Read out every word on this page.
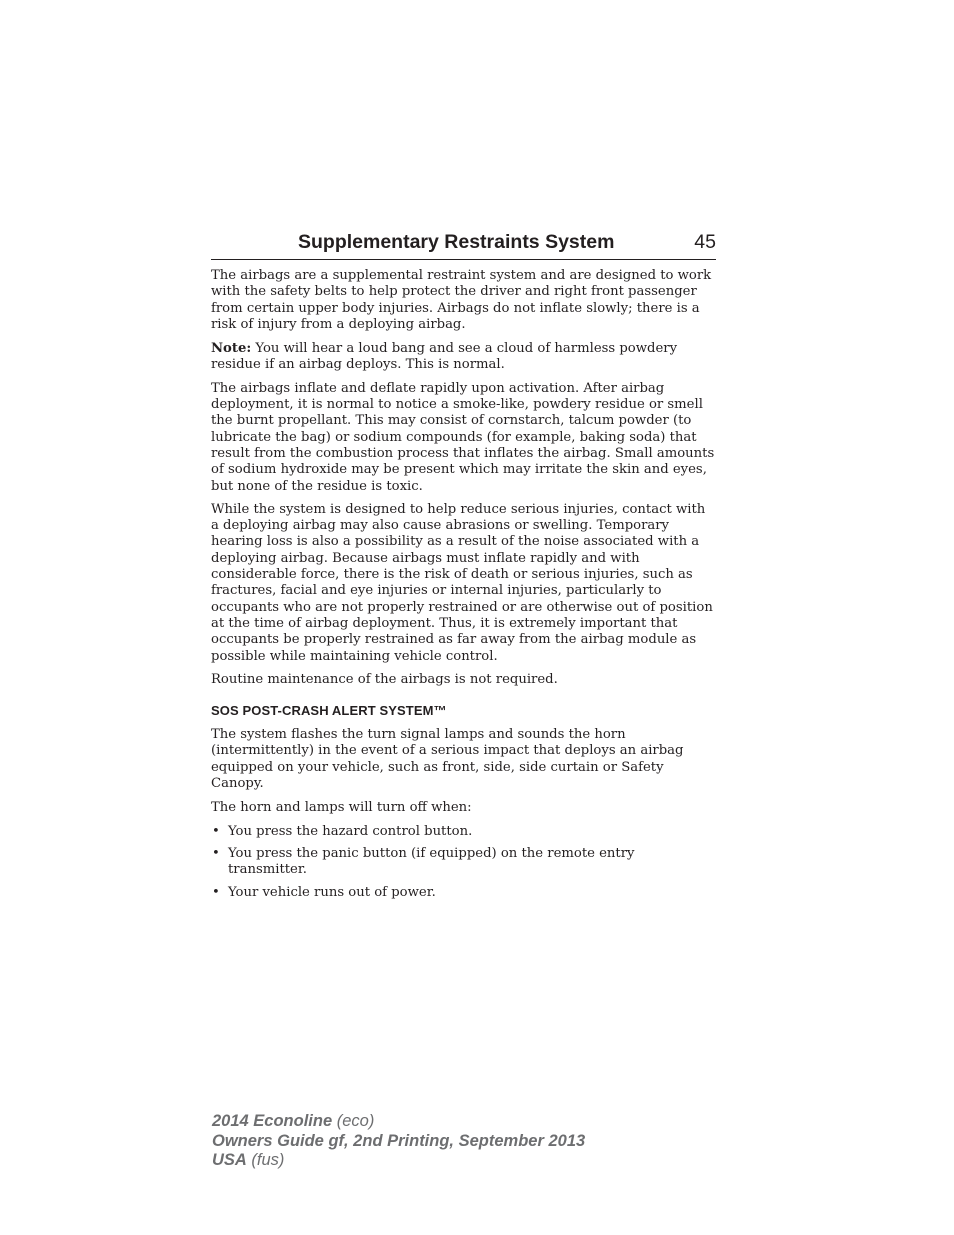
Supplementary Restraints System	45

The airbags are a supplemental restraint system and are designed to work with the safety belts to help protect the driver and right front passenger from certain upper body injuries. Airbags do not inflate slowly; there is a risk of injury from a deploying airbag.

Note: You will hear a loud bang and see a cloud of harmless powdery residue if an airbag deploys. This is normal.

The airbags inflate and deflate rapidly upon activation. After airbag deployment, it is normal to notice a smoke-like, powdery residue or smell the burnt propellant. This may consist of cornstarch, talcum powder (to lubricate the bag) or sodium compounds (for example, baking soda) that result from the combustion process that inflates the airbag. Small amounts of sodium hydroxide may be present which may irritate the skin and eyes, but none of the residue is toxic.

While the system is designed to help reduce serious injuries, contact with a deploying airbag may also cause abrasions or swelling. Temporary hearing loss is also a possibility as a result of the noise associated with a deploying airbag. Because airbags must inflate rapidly and with considerable force, there is the risk of death or serious injuries, such as fractures, facial and eye injuries or internal injuries, particularly to occupants who are not properly restrained or are otherwise out of position at the time of airbag deployment. Thus, it is extremely important that occupants be properly restrained as far away from the airbag module as possible while maintaining vehicle control.

Routine maintenance of the airbags is not required.

SOS POST-CRASH ALERT SYSTEM™

The system flashes the turn signal lamps and sounds the horn (intermittently) in the event of a serious impact that deploys an airbag equipped on your vehicle, such as front, side, side curtain or Safety Canopy.

The horn and lamps will turn off when:

• You press the hazard control button.
• You press the panic button (if equipped) on the remote entry transmitter.
• Your vehicle runs out of power.
2014 Econoline (eco)
Owners Guide gf, 2nd Printing, September 2013
USA (fus)
